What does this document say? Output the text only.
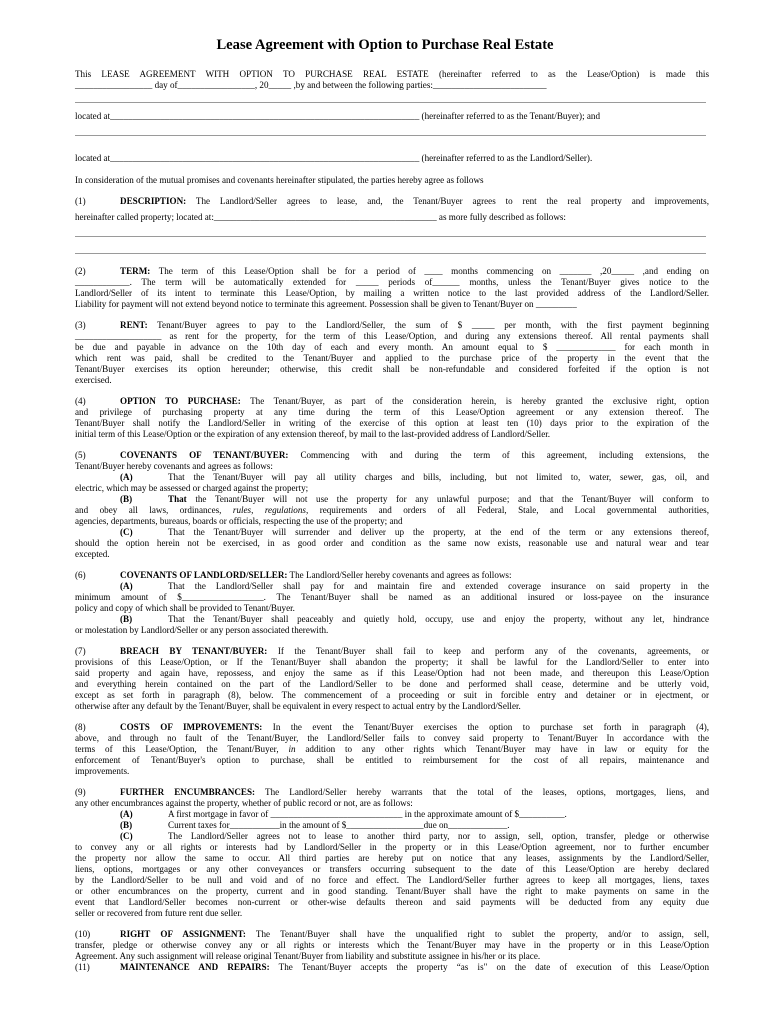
Lease Agreement with Option to Purchase Real Estate
This LEASE AGREEMENT WITH OPTION TO PURCHASE REAL ESTATE (hereinafter referred to as the Lease/Option) is made this
_________________ day of_________________, 20_____ ,by and between the following parties:_________________________
located at____________________________________________________________________ (hereinafter referred to as the Tenant/Buyer); and
located at____________________________________________________________________ (hereinafter referred to as the Landlord/Seller).
In consideration of the mutual promises and covenants hereinafter stipulated, the parties hereby agree as follows
(1)	DESCRIPTION: The Landlord/Seller agrees to lease, and, the Tenant/Buyer agrees to rent the real property and improvements,
hereinafter called property; located at:_________________________________________________ as more fully described as follows:
(2)	TERM: The term of this Lease/Option shall be for a period of ____ months commencing on _______ ,20_____ ,and ending on
____________. The term will be automatically extended for _____ periods of______ months, unless the Tenant/Buyer gives notice to the
Landlord/Seller of its intent to terminate this Lease/Option, by mailing a written notice to the last provided address of the Landlord/Seller.
Liability for payment will not extend beyond notice to terminate this agreement. Possession shall be given to Tenant/Buyer on _________
(3)	RENT: Tenant/Buyer agrees to pay to the Landlord/Seller, the sum of $ _____ per month, with the first payment beginning
___________________ as rent for the property, for the term of this Lease/Option, and during any extensions thereof. All rental payments shall
be due and payable in advance on the 10th day of each and every month. An amount equal to $ _____________ for each month in
which rent was paid, shall be credited to the Tenant/Buyer and applied to the purchase price of the property in the event that the
Tenant/Buyer exercises its option hereunder; otherwise, this credit shall be non-refundable and considered forfeited if the option is not
exercised.
(4)	OPTION TO PURCHASE: The Tenant/Buyer, as part of the consideration herein, is hereby granted the exclusive right, option
and privilege of purchasing property at any time during the term of this Lease/Option agreement or any extension thereof. The
Tenant/Buyer shall notify the Landlord/Seller in writing of the exercise of this option at least ten (10) days prior to the expiration of the
initial term of this Lease/Option or the expiration of any extension thereof, by mail to the last-provided address of Landlord/Seller.
(5)	COVENANTS OF TENANT/BUYER: Commencing with and during the term of this agreement, including extensions, the
Tenant/Buyer hereby covenants and agrees as follows:
(A)	That the Tenant/Buyer will pay all utility charges and bills, including, but not limited to, water, sewer, gas, oil, and
electric, which may be assessed or charged against the property;
(B)	That the Tenant/Buyer will not use the property for any unlawful purpose; and that the Tenant/Buyer will conform to
and obey all laws, ordinances, rules, regulations, requirements and orders of all Federal, Stale, and Local governmental authorities,
agencies, departments, bureaus, boards or officials, respecting the use of the property; and
(C)	That the Tenant/Buyer will surrender and deliver up the property, at the end of the term or any extensions thereof,
should the option herein not be exercised, in as good order and condition as the same now exists, reasonable use and natural wear and tear
excepted.
(6)	COVENANTS OF LANDLORD/SELLER: The Landlord/Seller hereby covenants and agrees as follows:
(A)	That the Landlord/Seller shall pay for and maintain fire and extended coverage insurance on said property in the
minimum amount of $__________________. The Tenant/Buyer shall be named as an additional insured or loss-payee on the insurance
policy and copy of which shall be provided to Tenant/Buyer.
(B)	That the Tenant/Buyer shall peaceably and quietly hold, occupy, use and enjoy the property, without any let, hindrance
or molestation by Landlord/Seller or any person associated therewith.
(7)	BREACH BY TENANT/BUYER: If the Tenant/Buyer shall fail to keep and perform any of the covenants, agreements, or
provisions of this Lease/Option, or If the Tenant/Buyer shall abandon the property; it shall be lawful for the Landlord/Seller to enter into
said property and again have, repossess, and enjoy the same as if this Lease/Option had not been made, and thereupon this Lease/Option
and everything herein contained on the part of the Landlord/Seller to be done and performed shall cease, determine and be utterly void,
except as set forth in paragraph (8), below. The commencement of a proceeding or suit in forcible entry and detainer or in ejectment, or
otherwise after any default by the Tenant/Buyer, shall be equivalent in every respect to actual entry by the Landlord/Seller.
(8)	COSTS OF IMPROVEMENTS: In the event the Tenant/Buyer exercises the option to purchase set forth in paragraph (4),
above, and through no fault of the Tenant/Buyer, the Landlord/Seller fails to convey said property to Tenant/Buyer In accordance with the
terms of this Lease/Option, the Tenant/Buyer, in addition to any other rights which Tenant/Buyer may have in law or equity for the
enforcement of Tenant/Buyer's option to purchase, shall be entitled to reimbursement for the cost of all repairs, maintenance and
improvements.
(9)	FURTHER ENCUMBRANCES: The Landlord/Seller hereby warrants that the total of the leases, options, mortgages, liens, and
any other encumbrances against the property, whether of public record or not, are as follows:
(A)	A first mortgage in favor of _____________________________ in the approximate amount of $__________.
(B)	Current taxes for___________in the amount of $_________________due on_____________.
(C)	The Landlord/Seller agrees not to lease to another third party, nor to assign, sell, option, transfer, pledge or otherwise
to convey any or all rights or interests had by Landlord/Seller in the property or in this Lease/Option agreement, nor to further encumber
the property nor allow the same to occur. All third parties are hereby put on notice that any leases, assignments by the Landlord/Seller,
liens, options, mortgages or any other conveyances or transfers occurring subsequent to the date of this Lease/Option are hereby declared
by the Landlord/Seller to be null and void and of no force and effect. The Landlord/Seller further agrees to keep all mortgages, liens, taxes
or other encumbrances on the property, current and in good standing. Tenant/Buyer shall have the right to make payments on same in the
event that Landlord/Seller becomes non-current or other-wise defaults thereon and said payments will be deducted from any equity due
seller or recovered from future rent due seller.
(10)	RIGHT OF ASSIGNMENT: The Tenant/Buyer shall have the unqualified right to sublet the property, and/or to assign, sell,
transfer, pledge or otherwise convey any or all rights or interests which the Tenant/Buyer may have in the property or in this Lease/Option
Agreement. Any such assignment will release original Tenant/Buyer from liability and substitute assignee in his/her or its place.
(11)	MAINTENANCE AND REPAIRS: The Tenant/Buyer accepts the property “as is" on the date of execution of this Lease/Option
